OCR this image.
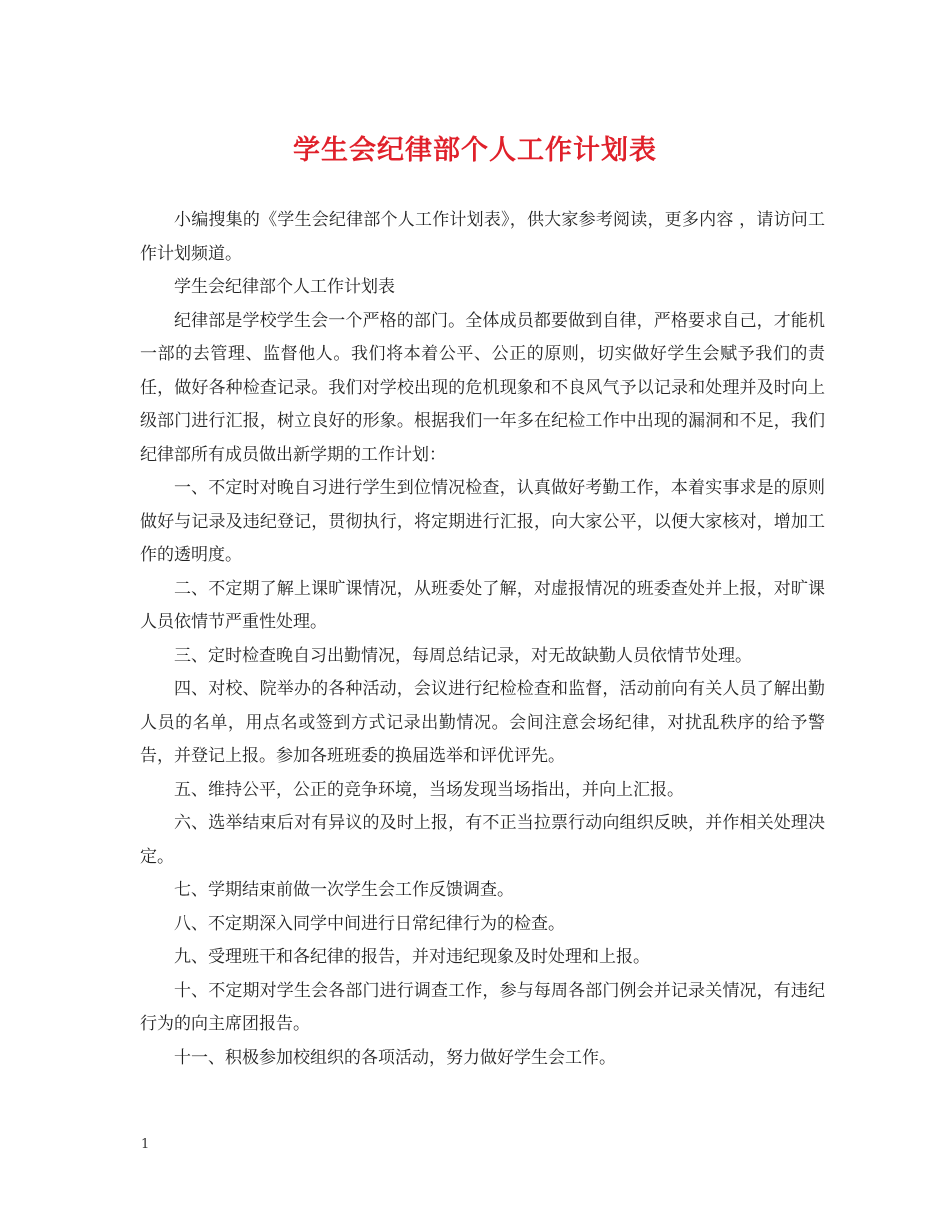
学生会纪律部个人工作计划表

小编搜集的《学生会纪律部个人工作计划表》，供大家参考阅读，更多内容 ，请访问工作计划频道。

学生会纪律部个人工作计划表

纪律部是学校学生会一个严格的部门。全体成员都要做到自律，严格要求自己，才能机一部的去管理、监督他人。我们将本着公平、公正的原则，切实做好学生会赋予我们的责任，做好各种检查记录。我们对学校出现的危机现象和不良风气予以记录和处理并及时向上级部门进行汇报，树立良好的形象。根据我们一年多在纪检工作中出现的漏洞和不足，我们纪律部所有成员做出新学期的工作计划：

一、不定时对晚自习进行学生到位情况检查，认真做好考勤工作，本着实事求是的原则做好与记录及违纪登记，贯彻执行，将定期进行汇报，向大家公平，以便大家核对，增加工作的透明度。

二、不定期了解上课旷课情况，从班委处了解，对虚报情况的班委查处并上报，对旷课人员依情节严重性处理。

三、定时检查晚自习出勤情况，每周总结记录，对无故缺勤人员依情节处理。

四、对校、院举办的各种活动，会议进行纪检检查和监督，活动前向有关人员了解出勤人员的名单，用点名或签到方式记录出勤情况。会间注意会场纪律，对扰乱秩序的给予警告，并登记上报。参加各班班委的换届选举和评优评先。

五、维持公平，公正的竞争环境，当场发现当场指出，并向上汇报。

六、选举结束后对有异议的及时上报，有不正当拉票行动向组织反映，并作相关处理决定。

七、学期结束前做一次学生会工作反馈调查。

八、不定期深入同学中间进行日常纪律行为的检查。

九、受理班干和各纪律的报告，并对违纪现象及时处理和上报。

十、不定期对学生会各部门进行调查工作，参与每周各部门例会并记录关情况，有违纪行为的向主席团报告。

十一、积极参加校组织的各项活动，努力做好学生会工作。

1
